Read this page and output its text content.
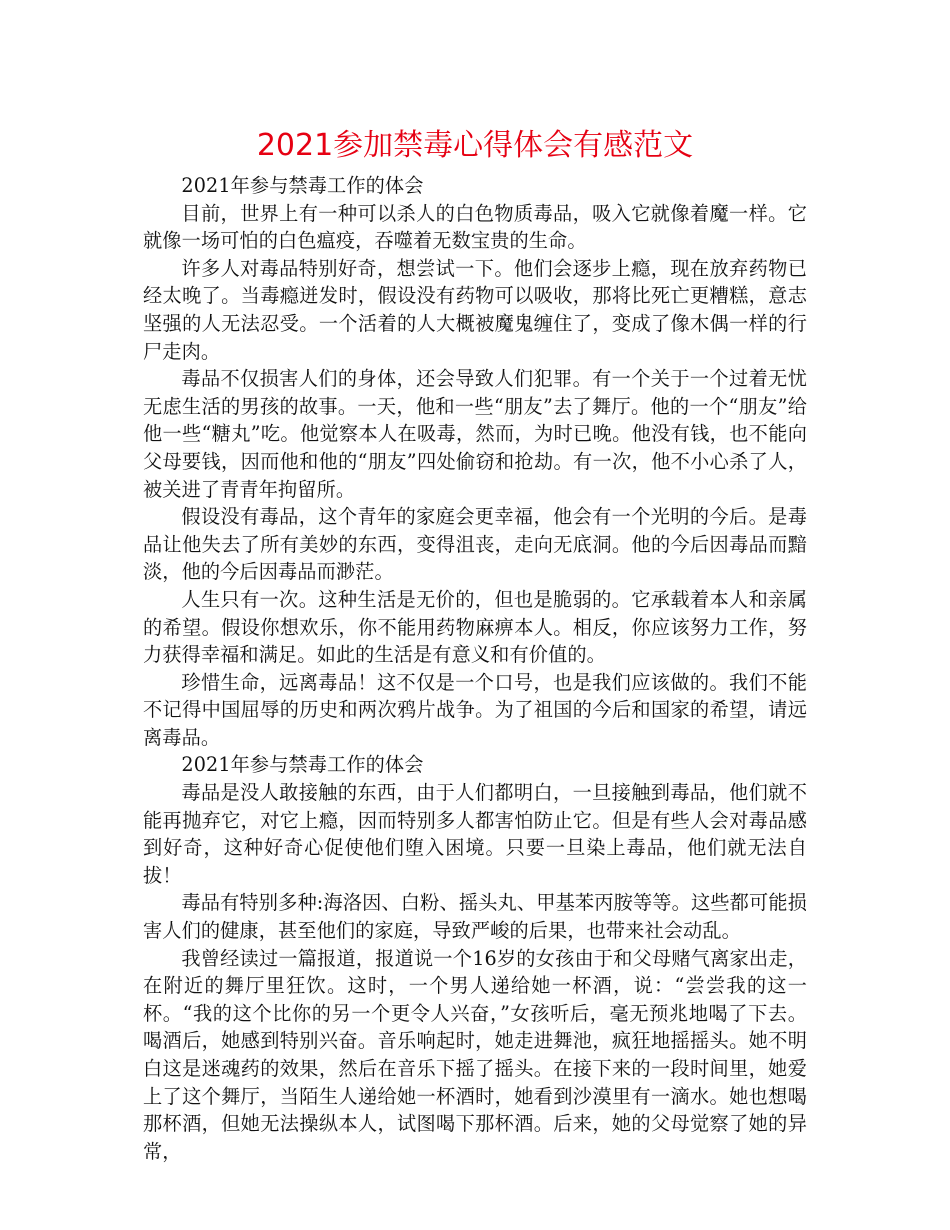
2021参加禁毒心得体会有感范文

2021年参与禁毒工作的体会

目前，世界上有一种可以杀人的白色物质毒品，吸入它就像着魔一样。它就像一场可怕的白色瘟疫，吞噬着无数宝贵的生命。

许多人对毒品特别好奇，想尝试一下。他们会逐步上瘾，现在放弃药物已经太晚了。当毒瘾迸发时，假设没有药物可以吸收，那将比死亡更糟糕，意志坚强的人无法忍受。一个活着的人大概被魔鬼缠住了，变成了像木偶一样的行尸走肉。

毒品不仅损害人们的身体，还会导致人们犯罪。有一个关于一个过着无忧无虑生活的男孩的故事。一天，他和一些“朋友”去了舞厅。他的一个“朋友”给他一些“糖丸”吃。他觉察本人在吸毒，然而，为时已晚。他没有钱，也不能向父母要钱，因而他和他的“朋友”四处偷窃和抢劫。有一次，他不小心杀了人，被关进了青青年拘留所。

假设没有毒品，这个青年的家庭会更幸福，他会有一个光明的今后。是毒品让他失去了所有美妙的东西，变得沮丧，走向无底洞。他的今后因毒品而黯淡，他的今后因毒品而渺茫。

人生只有一次。这种生活是无价的，但也是脆弱的。它承载着本人和亲属的希望。假设你想欢乐，你不能用药物麻痹本人。相反，你应该努力工作，努力获得幸福和满足。如此的生活是有意义和有价值的。

珍惜生命，远离毒品！这不仅是一个口号，也是我们应该做的。我们不能不记得中国屈辱的历史和两次鸦片战争。为了祖国的今后和国家的希望，请远离毒品。

2021年参与禁毒工作的体会

毒品是没人敢接触的东西，由于人们都明白，一旦接触到毒品，他们就不能再抛弃它，对它上瘾，因而特别多人都害怕防止它。但是有些人会对毒品感到好奇，这种好奇心促使他们堕入困境。只要一旦染上毒品，他们就无法自拔！

毒品有特别多种:海洛因、白粉、摇头丸、甲基苯丙胺等等。这些都可能损害人们的健康，甚至他们的家庭，导致严峻的后果，也带来社会动乱。

我曾经读过一篇报道，报道说一个16岁的女孩由于和父母赌气离家出走，在附近的舞厅里狂饮。这时，一个男人递给她一杯酒，说：“尝尝我的这一杯。“我的这个比你的另一个更令人兴奋，”女孩听后，毫无预兆地喝了下去。喝酒后，她感到特别兴奋。音乐响起时，她走进舞池，疯狂地摇摇头。她不明白这是迷魂药的效果，然后在音乐下摇了摇头。在接下来的一段时间里，她爱上了这个舞厅，当陌生人递给她一杯酒时，她看到沙漠里有一滴水。她也想喝那杯酒，但她无法操纵本人，试图喝下那杯酒。后来，她的父母觉察了她的异常，
